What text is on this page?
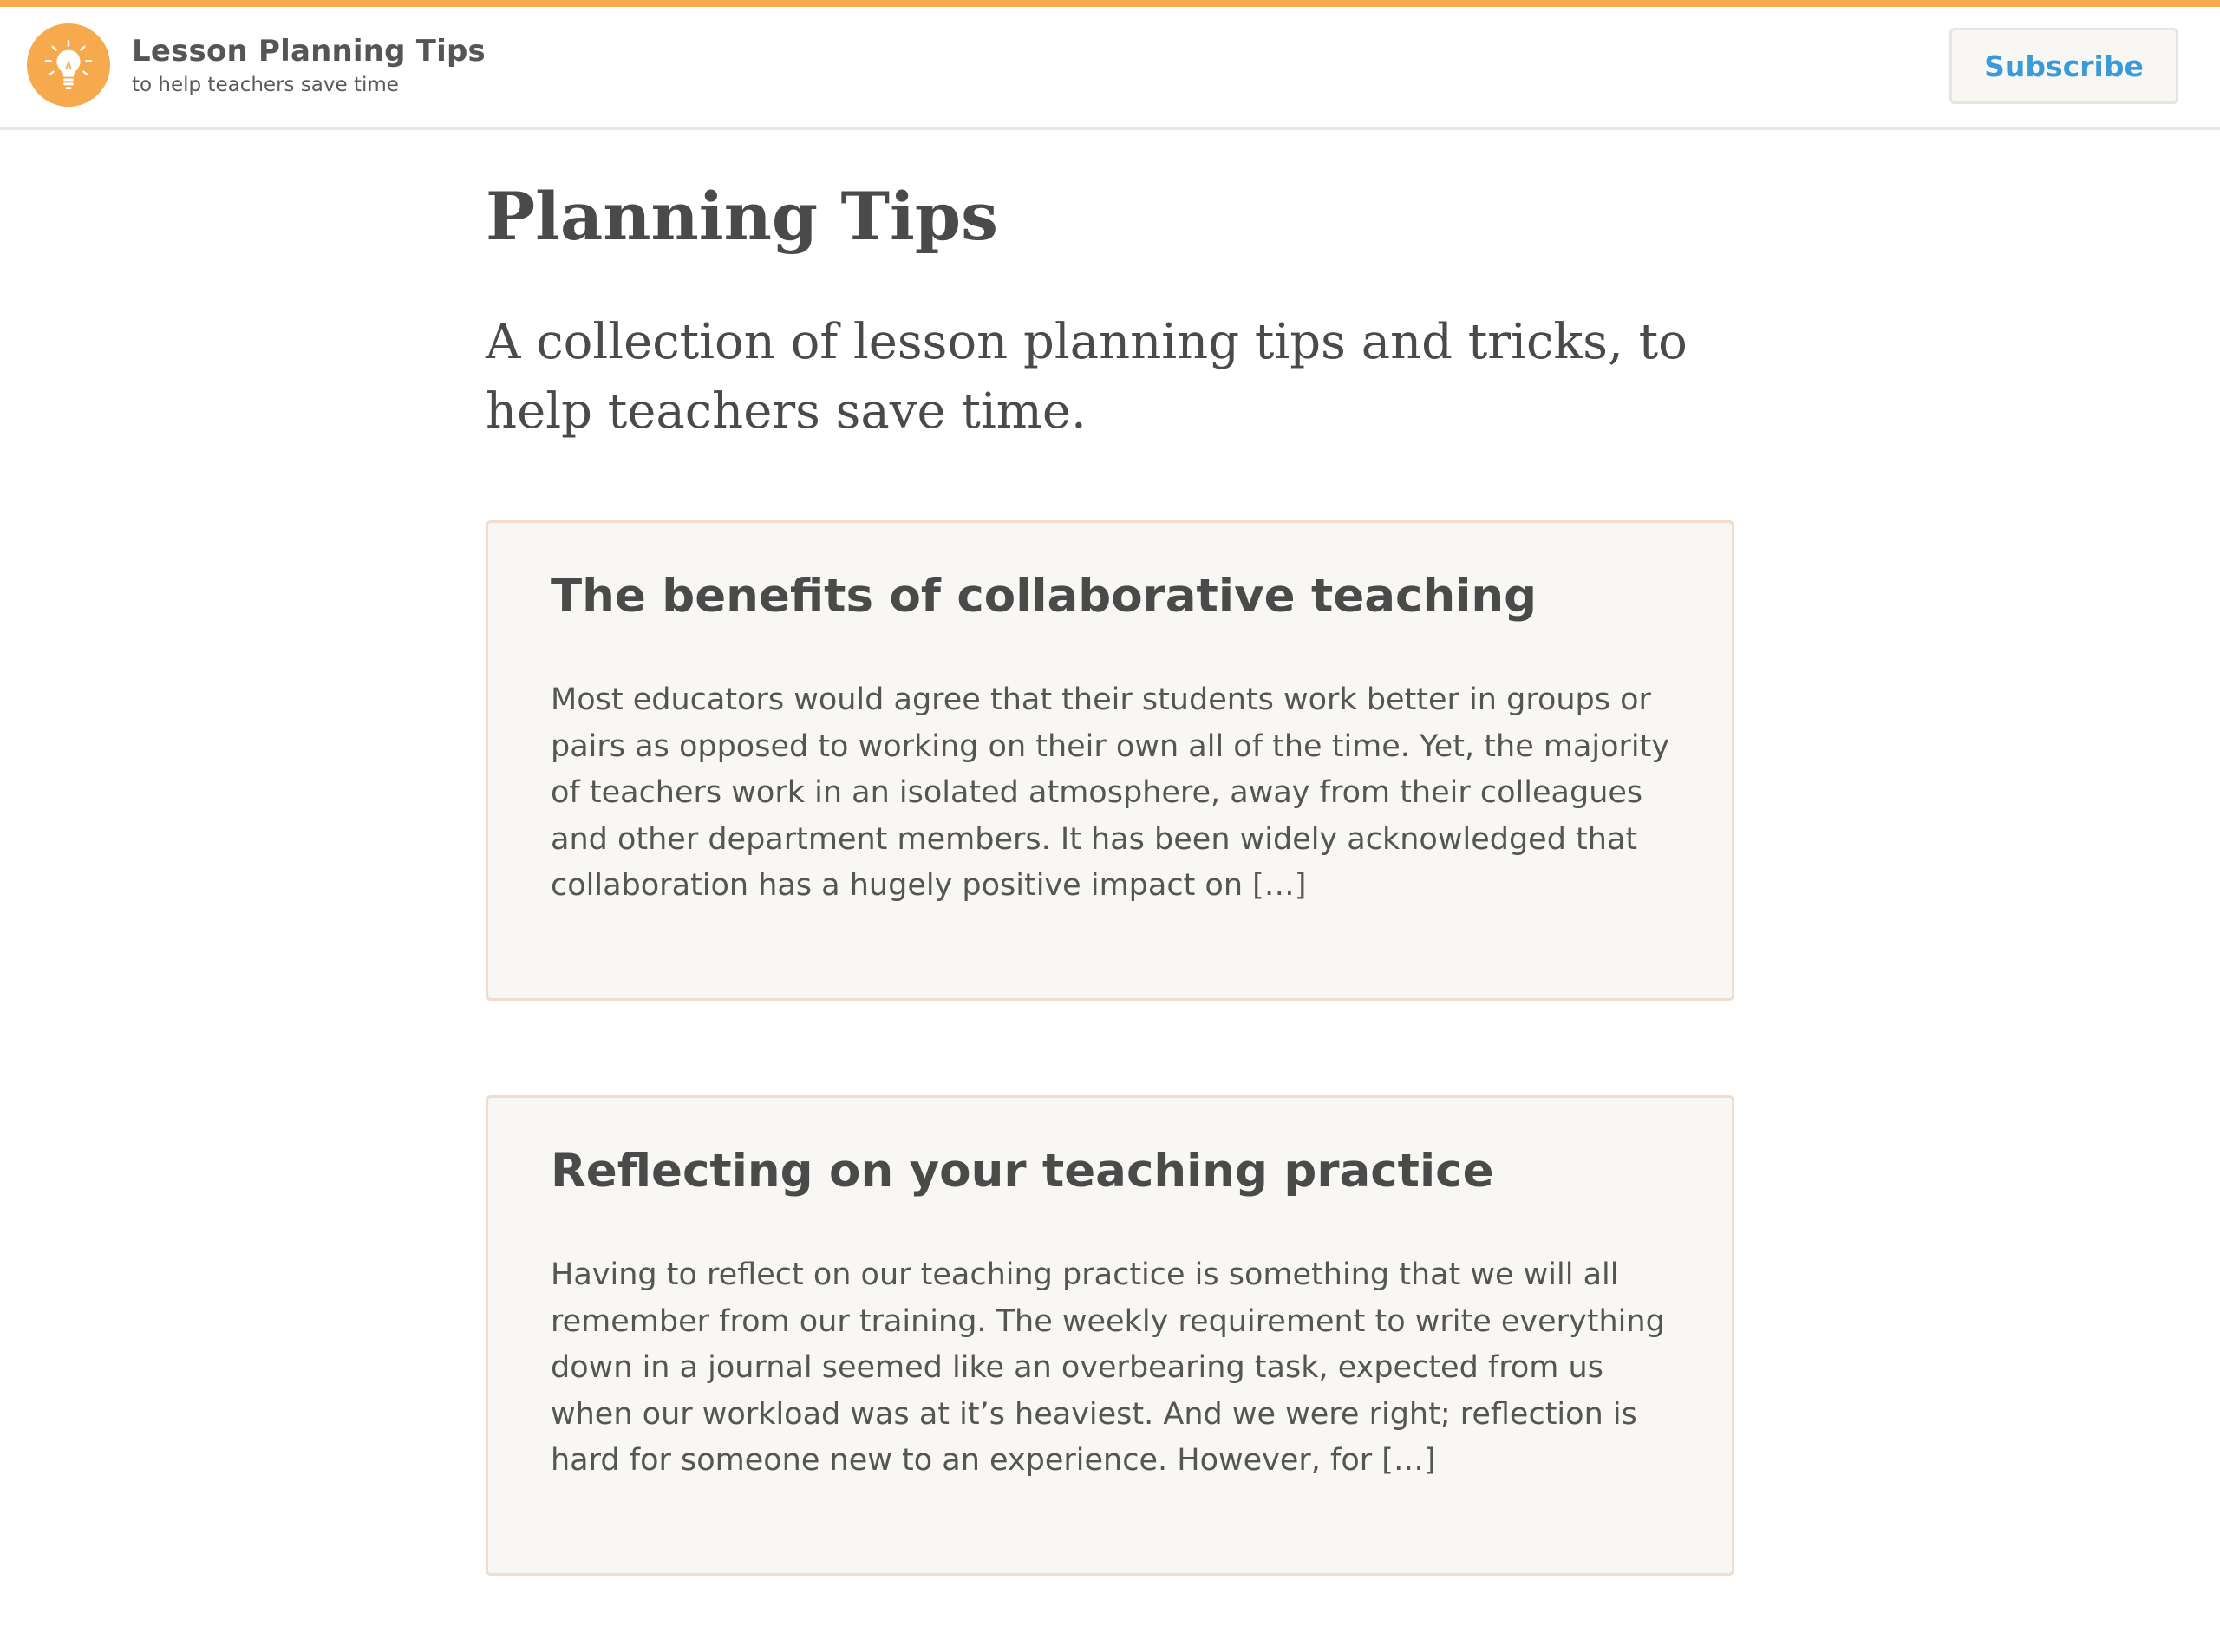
Lesson Planning Tips
to help teachers save time
Subscribe
Planning Tips

A collection of lesson planning tips and tricks, to help teachers save time.

The benefits of collaborative teaching

Most educators would agree that their students work better in groups or pairs as opposed to working on their own all of the time. Yet, the majority of teachers work in an isolated atmosphere, away from their colleagues and other department members. It has been widely acknowledged that collaboration has a hugely positive impact on […]

Reflecting on your teaching practice

Having to reflect on our teaching practice is something that we will all remember from our training. The weekly requirement to write everything down in a journal seemed like an overbearing task, expected from us when our workload was at it’s heaviest. And we were right; reflection is hard for someone new to an experience. However, for […]
